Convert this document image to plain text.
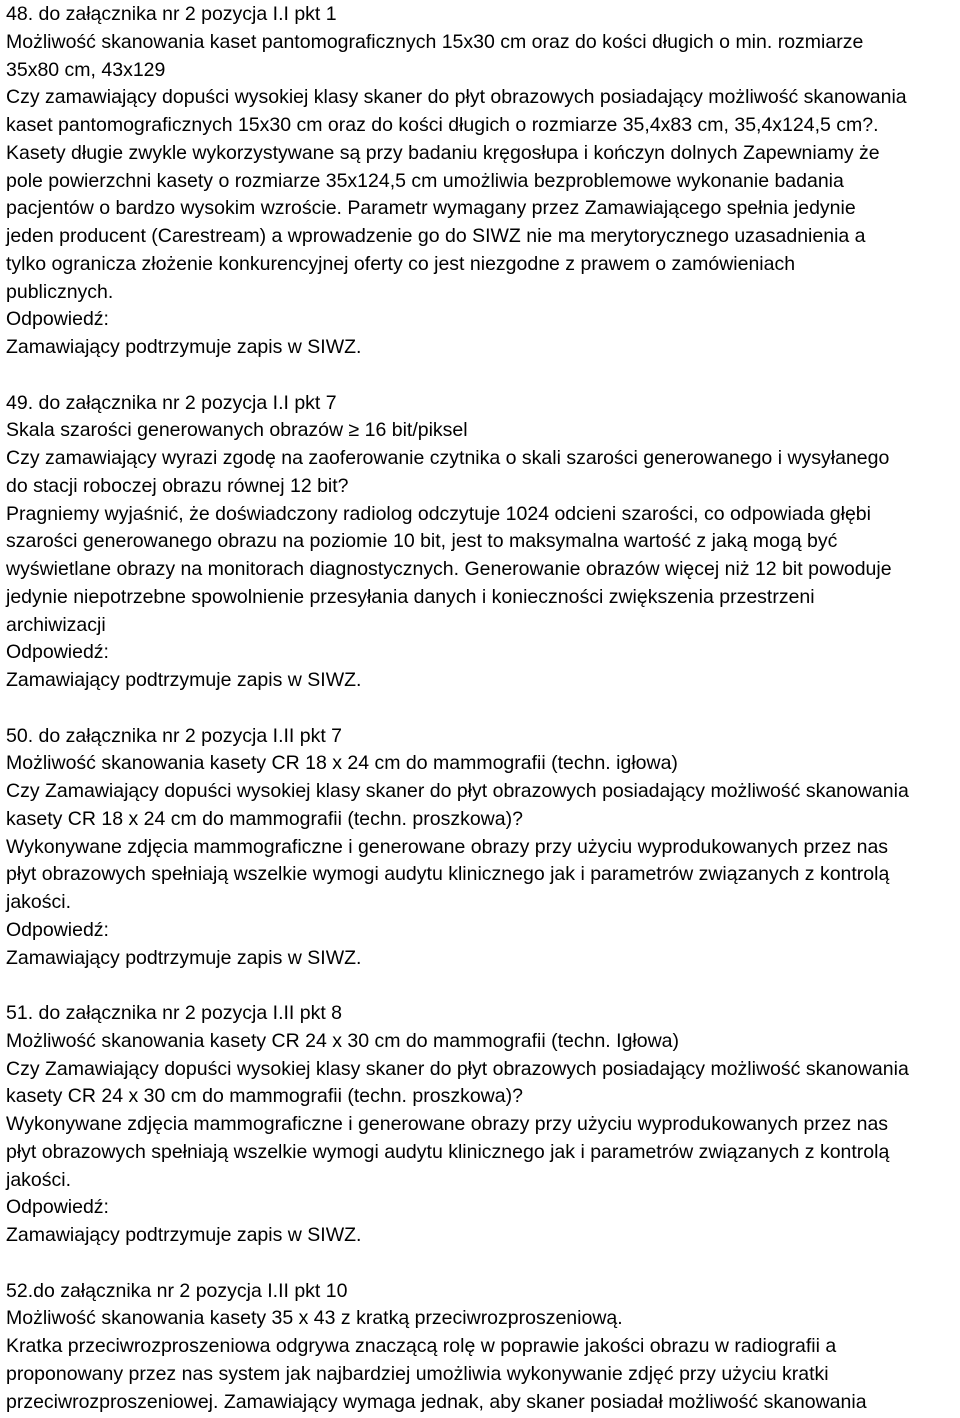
48. do załącznika nr 2 pozycja I.I pkt 1
Możliwość skanowania kaset pantomograficznych 15x30 cm oraz do kości długich o min. rozmiarze
35x80 cm, 43x129
Czy zamawiający dopuści wysokiej klasy skaner do płyt obrazowych posiadający możliwość skanowania
kaset pantomograficznych 15x30 cm oraz do kości długich o rozmiarze 35,4x83 cm, 35,4x124,5 cm?.
Kasety długie zwykle wykorzystywane są przy badaniu kręgosłupa i kończyn dolnych Zapewniamy że
pole powierzchni kasety o rozmiarze 35x124,5 cm umożliwia bezproblemowe wykonanie badania
pacjentów o bardzo wysokim wzroście. Parametr wymagany przez Zamawiającego spełnia jedynie
jeden producent (Carestream) a wprowadzenie go do SIWZ nie ma merytorycznego uzasadnienia a
tylko ogranicza złożenie konkurencyjnej oferty co jest niezgodne z prawem o zamówieniach
publicznych.
Odpowiedź:
Zamawiający podtrzymuje zapis w SIWZ.
49. do załącznika nr 2 pozycja I.I pkt 7
Skala szarości generowanych obrazów ≥ 16 bit/piksel
Czy zamawiający wyrazi zgodę na zaoferowanie czytnika o skali szarości generowanego i wysyłanego
do stacji roboczej obrazu równej 12 bit?
Pragniemy wyjaśnić, że doświadczony radiolog odczytuje 1024 odcieni szarości, co odpowiada głębi
szarości generowanego obrazu na poziomie 10 bit, jest to maksymalna wartość z jaką mogą być
wyświetlane obrazy na monitorach diagnostycznych. Generowanie obrazów więcej niż 12 bit powoduje
jedynie niepotrzebne spowolnienie przesyłania danych i konieczności zwiększenia przestrzeni
archiwizacji
Odpowiedź:
Zamawiający podtrzymuje zapis w SIWZ.
50. do załącznika nr 2 pozycja I.II pkt 7
Możliwość skanowania kasety CR 18 x 24 cm do mammografii (techn. igłowa)
Czy Zamawiający dopuści wysokiej klasy skaner do płyt obrazowych posiadający możliwość skanowania
kasety CR 18 x 24 cm do mammografii (techn. proszkowa)?
Wykonywane zdjęcia mammograficzne i generowane obrazy przy użyciu wyprodukowanych przez nas
płyt obrazowych spełniają wszelkie wymogi audytu klinicznego jak i parametrów związanych z kontrolą
jakości.
Odpowiedź:
Zamawiający podtrzymuje zapis w SIWZ.
51. do załącznika nr 2 pozycja I.II pkt 8
Możliwość skanowania kasety CR 24 x 30 cm do mammografii (techn. Igłowa)
Czy Zamawiający dopuści wysokiej klasy skaner do płyt obrazowych posiadający możliwość skanowania
kasety CR 24 x 30 cm do mammografii (techn. proszkowa)?
Wykonywane zdjęcia mammograficzne i generowane obrazy przy użyciu wyprodukowanych przez nas
płyt obrazowych spełniają wszelkie wymogi audytu klinicznego jak i parametrów związanych z kontrolą
jakości.
Odpowiedź:
Zamawiający podtrzymuje zapis w SIWZ.
52.do załącznika nr 2 pozycja I.II pkt 10
Możliwość skanowania kasety 35 x 43 z kratką przeciwrozproszeniową.
Kratka przeciwrozproszeniowa odgrywa znaczącą rolę w poprawie jakości obrazu w radiografii a
proponowany przez nas system jak najbardziej umożliwia wykonywanie zdjęć przy użyciu kratki
przeciwrozproszeniowej. Zamawiający wymaga jednak, aby skaner posiadał możliwość skanowania
